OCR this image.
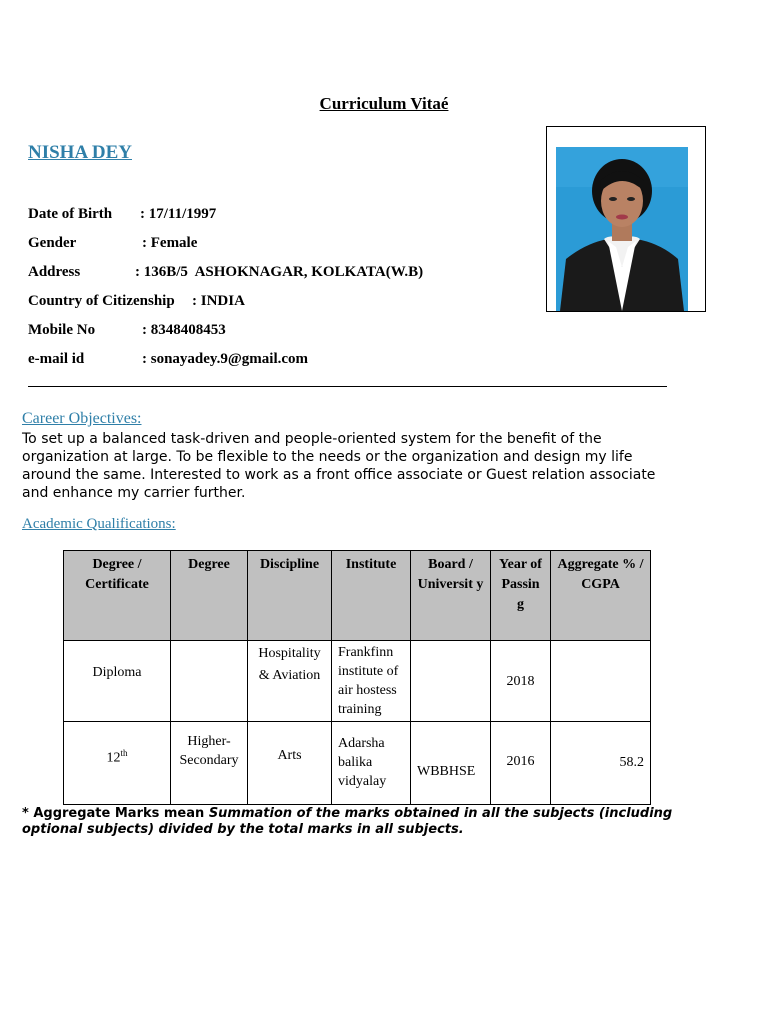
Curriculum Vitaé
NISHA DEY
Date of Birth : 17/11/1997
Gender	: Female
Address	: 136B/5  ASHOKNAGAR, KOLKATA(W.B)
Country of Citizenship : INDIA
Mobile No	: 8348408453
e-mail id	: sonayadey.9@gmail.com
Career Objectives:
To set up a balanced task-driven and people-oriented system for the benefit of the organization at large. To be flexible to the needs or the organization and design my life around the same. Interested to work as a front office associate or Guest relation associate and enhance my carrier further.
Academic Qualifications:
Degree / Certificate	Degree	Discipline	Institute	Board / Universit y	Year of Passin g	Aggregate % / CGPA
Diploma		Hospitality & Aviation	Frankfinn institute of air hostess training		2018	
12th	Higher-Secondary	Arts	Adarsha balika vidyalay	WBBHSE	2016	58.2
* Aggregate Marks mean Summation of the marks obtained in all the subjects (including optional subjects) divided by the total marks in all subjects.
